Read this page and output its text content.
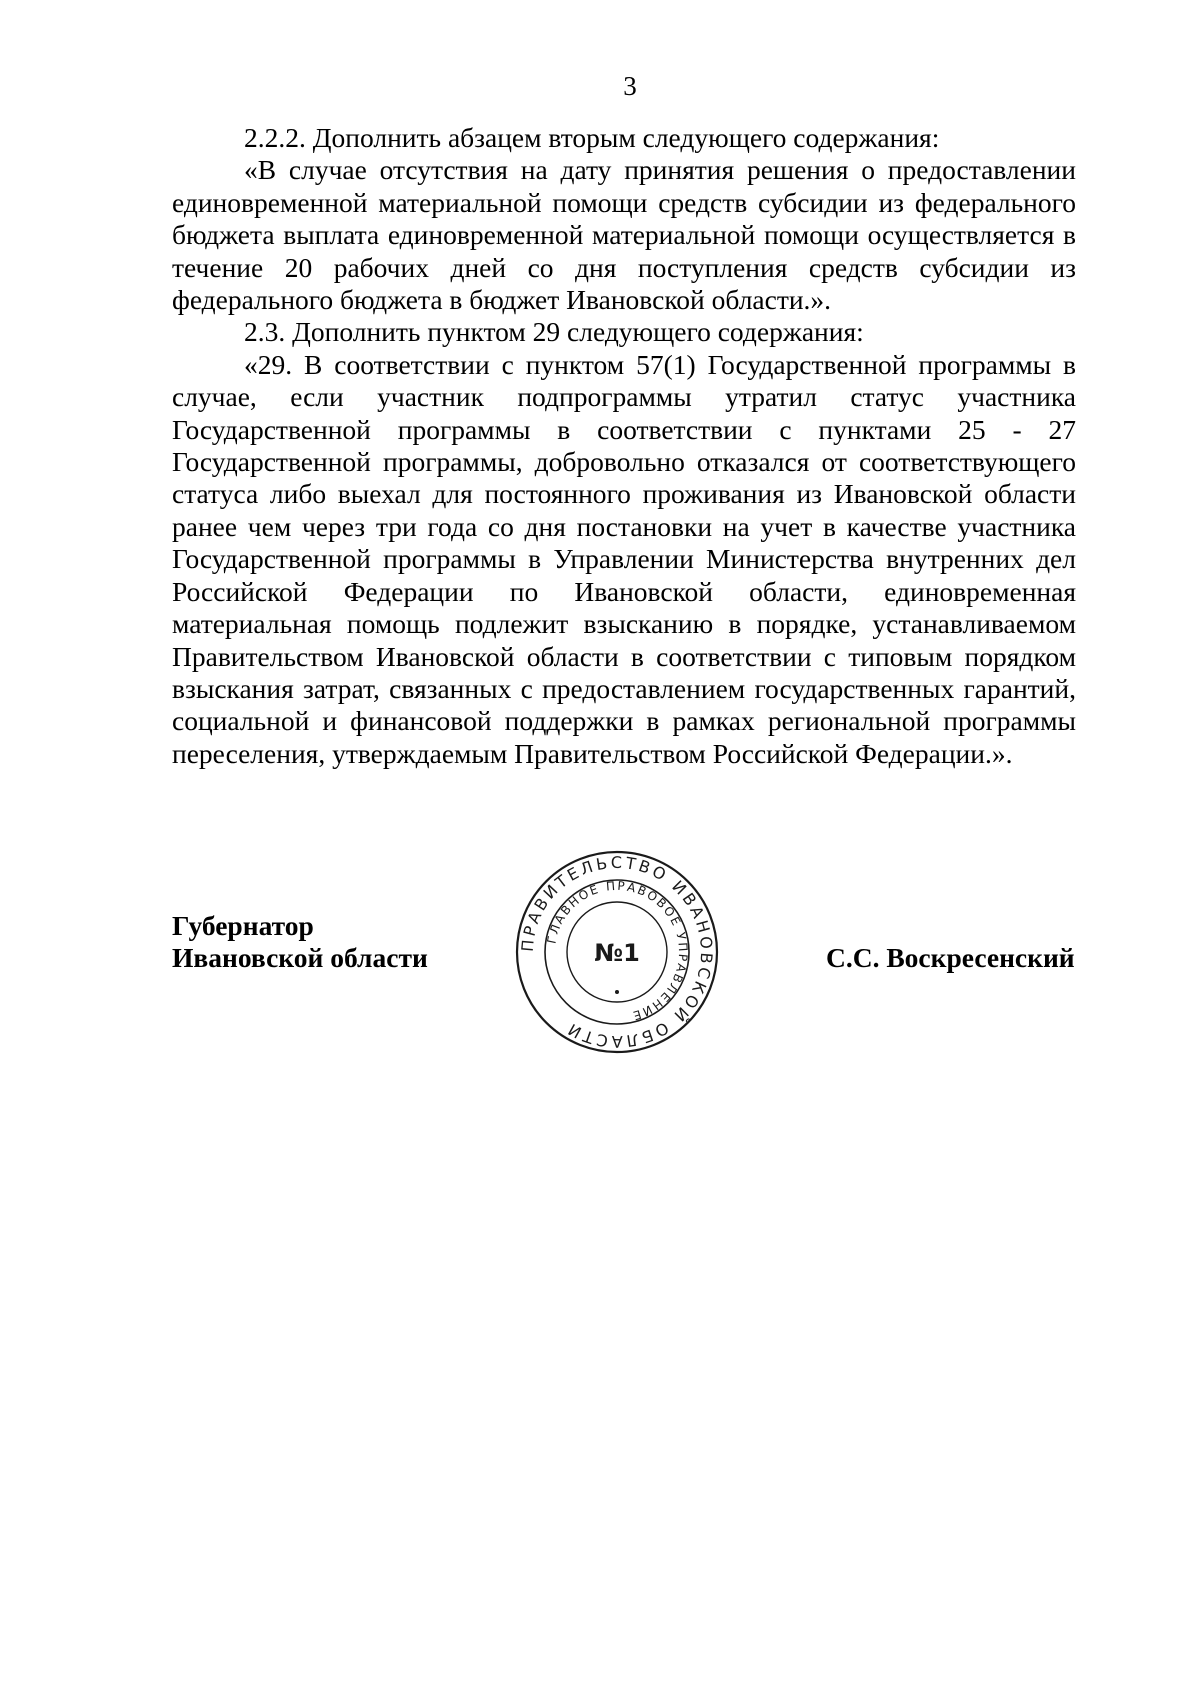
3

2.2.2. Дополнить абзацем вторым следующего содержания:

«В случае отсутствия на дату принятия решения о предоставлении единовременной материальной помощи средств субсидии из федерального бюджета выплата единовременной материальной помощи осуществляется в течение 20 рабочих дней со дня поступления средств субсидии из федерального бюджета в бюджет Ивановской области.».

2.3. Дополнить пунктом 29 следующего содержания:

«29. В соответствии с пунктом 57(1) Государственной программы в случае, если участник подпрограммы утратил статус участника Государственной программы в соответствии с пунктами 25 - 27 Государственной программы, добровольно отказался от соответствующего статуса либо выехал для постоянного проживания из Ивановской области ранее чем через три года со дня постановки на учет в качестве участника Государственной программы в Управлении Министерства внутренних дел Российской Федерации по Ивановской области, единовременная материальная помощь подлежит взысканию в порядке, устанавливаемом Правительством Ивановской области в соответствии с типовым порядком взыскания затрат, связанных с предоставлением государственных гарантий, социальной и финансовой поддержки в рамках региональной программы переселения, утверждаемым Правительством Российской Федерации.».

Губернатор
Ивановской области	С.С. Воскресенский
ПРАВИТЕЛЬСТВО ИВАНОВСКОЙ ОБЛАСТИ
ГЛАВНОЕ ПРАВОВОЕ УПРАВЛЕНИЕ
№1
